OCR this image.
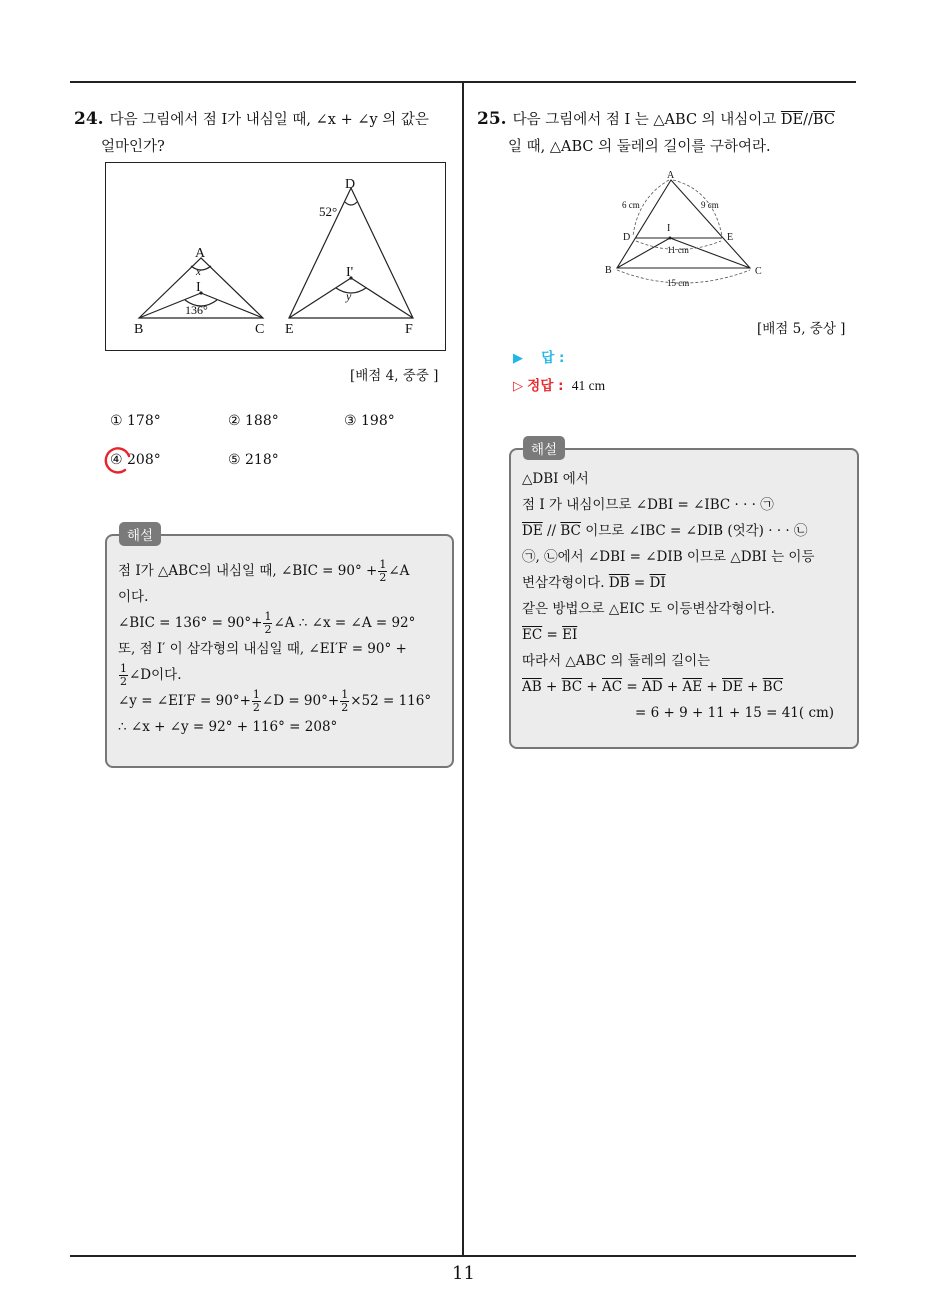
24. 다음 그림에서 점 I가 내심일 때, ∠x + ∠y 의 값은
얼마인가?
A
x
I
136°
B	C
D
52°
I'
y
E	F
[배점 4, 중중 ]
① 178°	② 188°	③ 198°
④ 208°	⑤ 218°
해설
점 I가 △ABC의 내심일 때, ∠BIC = $90^\circ + \frac{1}{2}$ ∠A
이다.
∠BIC = $136^\circ = 90^\circ+ \frac{1}{2}$ ∠A ∴ ∠x = ∠A = 92°
또, 점 I′ 이 삼각형의 내심일 때, ∠EI′F = 90° +
$\frac{1}{2}$ ∠D이다.
∠y = ∠EI′F = $90^\circ+ \frac{1}{2}$ ∠D = $90^\circ+ \frac{1}{2} \times 52 = 116^\circ$
∴ ∠x + ∠y = 92° + 116° = 208°
25. 다음 그림에서 점 I 는 △ABC 의 내심이고 $\overline{DE}//\overline{BC}$
일 때, △ABC 의 둘레의 길이를 구하여라.
A
6 cm	9 cm
I
D	E
11 cm
B	C
15 cm
[배점 5, 중상 ]
▶ 답 :
▷ 정답 : 41 cm
해설
△DBI 에서
점 I 가 내심이므로 ∠DBI = ∠IBC · · · ㉠
$\overline{DE} // \overline{BC}$ 이므로 ∠IBC = ∠DIB (엇각) · · · ㉡
㉠, ㉡에서 ∠DBI = ∠DIB 이므로 △DBI 는 이등
변삼각형이다. $\overline{DB} = \overline{DI}$
같은 방법으로 △EIC 도 이등변삼각형이다.
$\overline{EC} = \overline{EI}$
따라서 △ABC 의 둘레의 길이는
$\overline{AB} + \overline{BC} + \overline{AC} = \overline{AD} + \overline{AE} + \overline{DE} + \overline{BC}$
= 6 + 9 + 11 + 15 = 41( cm)
11
